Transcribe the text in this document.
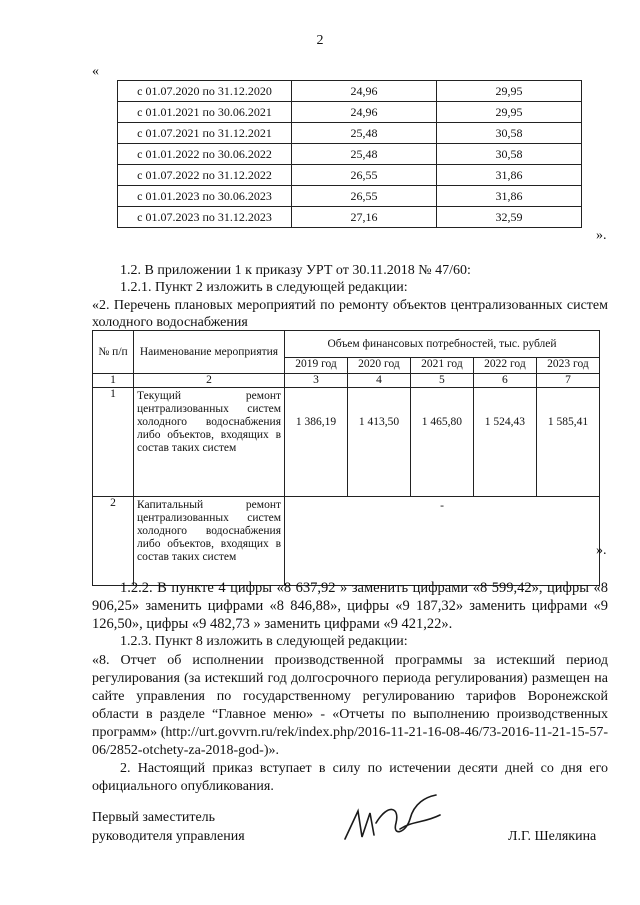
2
«
с 01.07.2020 по 31.12.2020	24,96	29,95
с 01.01.2021 по 30.06.2021	24,96	29,95
с 01.07.2021 по 31.12.2021	25,48	30,58
с 01.01.2022 по 30.06.2022	25,48	30,58
с 01.07.2022 по 31.12.2022	26,55	31,86
с 01.01.2023 по 30.06.2023	26,55	31,86
с 01.07.2023 по 31.12.2023	27,16	32,59
».
1.2. В приложении 1 к приказу УРТ от 30.11.2018 № 47/60:
1.2.1. Пункт 2 изложить в следующей редакции:
«2. Перечень плановых мероприятий по ремонту объектов централизованных систем холодного водоснабжения
№ п/п	Наименование мероприятия	Объем финансовых потребностей, тыс. рублей				
		2019 год	2020 год	2021 год	2022 год	2023 год
1	2	3	4	5	6	7
1	Текущий ремонт централизованных систем холодного водоснабжения либо объектов, входящих в
состав таких систем	1 386,19	1 413,50	1 465,80	1 524,43	1 585,41
2	Капитальный ремонт централизованных систем холодного водоснабжения либо объектов, входящих в
состав таких систем	-				
».
1.2.2. В пункте 4 цифры «8 637,92 » заменить цифрами «8 599,42», цифры «8 906,25» заменить цифрами «8 846,88», цифры «9 187,32» заменить цифрами «9 126,50», цифры «9 482,73 » заменить цифрами «9 421,22».
1.2.3. Пункт 8 изложить в следующей редакции:
«8. Отчет об исполнении производственной программы за истекший период регулирования (за истекший год долгосрочного периода регулирования) размещен на сайте управления по государственному регулированию тарифов Воронежской области в разделе “Главное меню» - «Отчеты по выполнению производственных программ» (http://urt.govvrn.ru/rek/index.php/2016-11-21-16-08-46/73-2016-11-21-15-57-06/2852-otchety-za-2018-god-)».
2. Настоящий приказ вступает в силу по истечении десяти дней со дня его официального опубликования.
Первый заместитель
руководителя управления	Л.Г. Шелякина
